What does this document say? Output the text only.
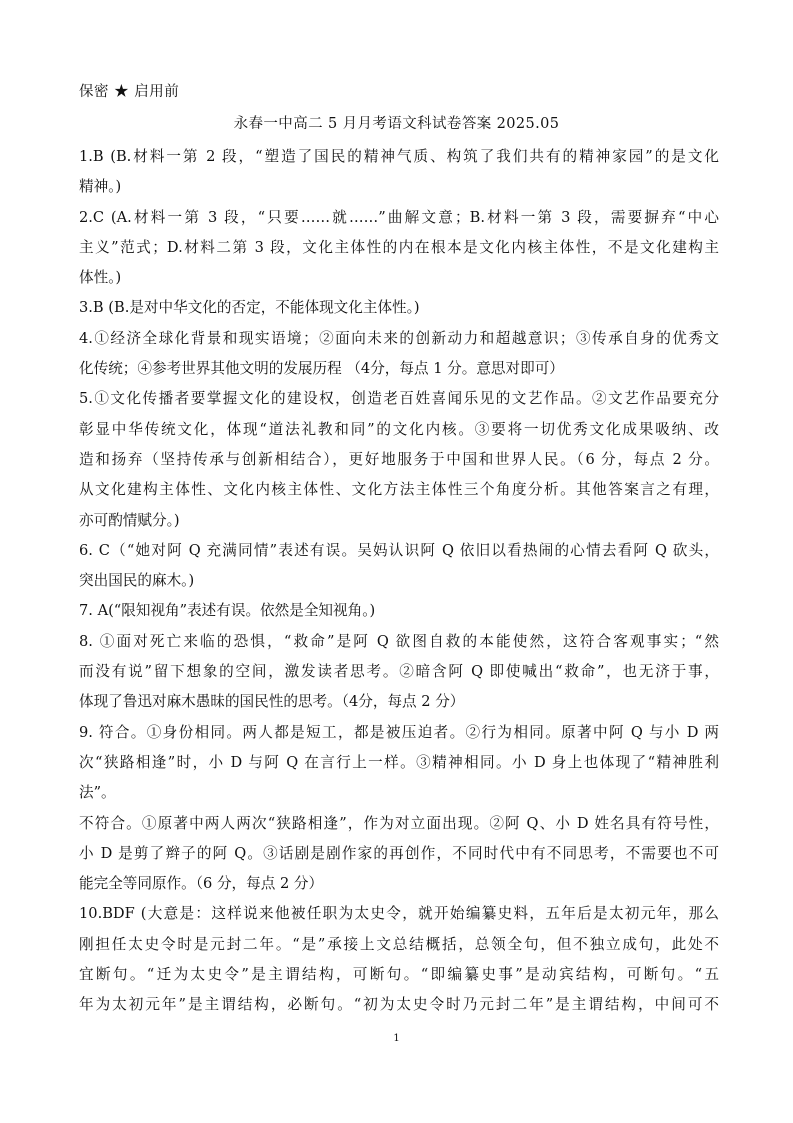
保密 ★ 启用前
永春一中高二 5 月月考语文科试卷答案 2025.05
1.B (B.材料一第 2 段，“塑造了国民的精神气质、构筑了我们共有的精神家园”的是文化
精神。)
2.C (A.材料一第 3 段，“只要……就……”曲解文意；B.材料一第 3 段，需要摒弃“中心
主义”范式；D.材料二第 3 段，文化主体性的内在根本是文化内核主体性，不是文化建构主
体性。)
3.B (B.是对中华文化的否定，不能体现文化主体性。)
4.①经济全球化背景和现实语境；②面向未来的创新动力和超越意识；③传承自身的优秀文
化传统；④参考世界其他文明的发展历程 （4分，每点 1 分。意思对即可）
5.①文化传播者要掌握文化的建设权，创造老百姓喜闻乐见的文艺作品。②文艺作品要充分
彰显中华传统文化，体现“道法礼教和同”的文化内核。③要将一切优秀文化成果吸纳、改
造和扬弃（坚持传承与创新相结合），更好地服务于中国和世界人民。（6 分，每点 2 分。
从文化建构主体性、文化内核主体性、文化方法主体性三个角度分析。其他答案言之有理，
亦可酌情赋分。)
6. C（“她对阿 Q 充满同情”表述有误。吴妈认识阿 Q 依旧以看热闹的心情去看阿 Q 砍头，
突出国民的麻木。)
7. A(“限知视角”表述有误。依然是全知视角。)
8. ①面对死亡来临的恐惧，“救命”是阿 Q 欲图自救的本能使然，这符合客观事实；“然
而没有说”留下想象的空间，激发读者思考。②暗含阿 Q 即使喊出“救命”，也无济于事，
体现了鲁迅对麻木愚昧的国民性的思考。（4分，每点 2 分）
9. 符合。①身份相同。两人都是短工，都是被压迫者。②行为相同。原著中阿 Q 与小 D 两
次“狭路相逢”时，小 D 与阿 Q 在言行上一样。③精神相同。小 D 身上也体现了“精神胜利
法”。
不符合。①原著中两人两次“狭路相逢”，作为对立面出现。②阿 Q、小 D 姓名具有符号性，
小 D 是剪了辫子的阿 Q。③话剧是剧作家的再创作，不同时代中有不同思考，不需要也不可
能完全等同原作。（6 分，每点 2 分）
10.BDF (大意是：这样说来他被任职为太史令，就开始编纂史料，五年后是太初元年，那么
刚担任太史令时是元封二年。“是”承接上文总结概括，总领全句，但不独立成句，此处不
宜断句。“迁为太史令”是主谓结构，可断句。“即编纂史事”是动宾结构，可断句。“五
年为太初元年”是主谓结构，必断句。“初为太史令时乃元封二年”是主谓结构，中间可不
1
